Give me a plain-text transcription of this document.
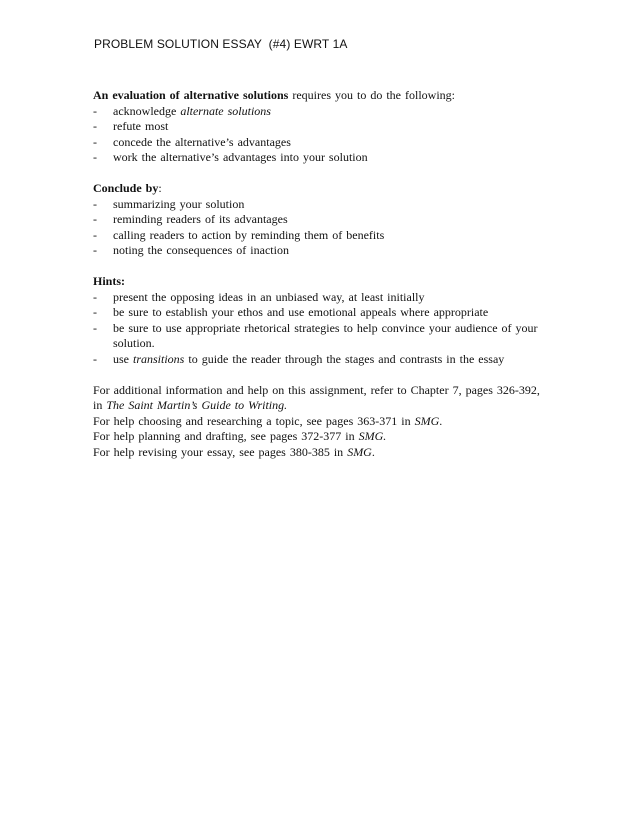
PROBLEM SOLUTION ESSAY  (#4) EWRT 1A

An evaluation of alternative solutions requires you to do the following:

- acknowledge alternate solutions
- refute most
- concede the alternative’s advantages
- work the alternative’s advantages into your solution

Conclude by:

- summarizing your solution
- reminding readers of its advantages
- calling readers to action by reminding them of benefits
- noting the consequences of inaction

Hints:

- present the opposing ideas in an unbiased way, at least initially
- be sure to establish your ethos and use emotional appeals where appropriate
- be sure to use appropriate rhetorical strategies to help convince your audience of your solution.
- use transitions to guide the reader through the stages and contrasts in the essay

For additional information and help on this assignment, refer to Chapter 7, pages 326-392, in The Saint Martin’s Guide to Writing.

For help choosing and researching a topic, see pages 363-371 in SMG.

For help planning and drafting, see pages 372-377 in SMG.

For help revising your essay, see pages 380-385 in SMG.
